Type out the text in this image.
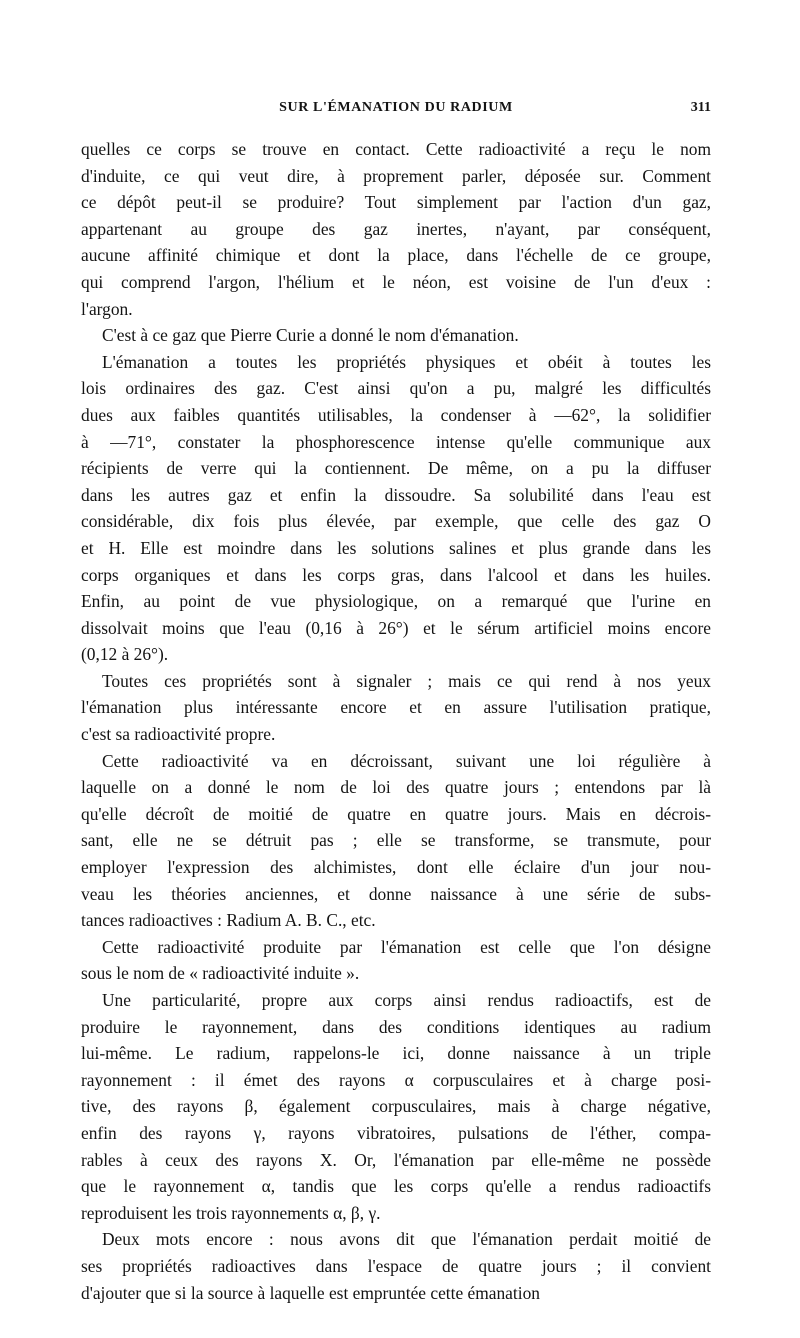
SUR L'ÉMANATION DU RADIUM	311
quelles ce corps se trouve en contact. Cette radioactivité a reçu le nom
d'induite, ce qui veut dire, à proprement parler, déposée sur. Comment
ce dépôt peut-il se produire? Tout simplement par l'action d'un gaz,
appartenant au groupe des gaz inertes, n'ayant, par conséquent,
aucune affinité chimique et dont la place, dans l'échelle de ce groupe,
qui comprend l'argon, l'hélium et le néon, est voisine de l'un d'eux :
l'argon.
C'est à ce gaz que Pierre Curie a donné le nom d'émanation.
L'émanation a toutes les propriétés physiques et obéit à toutes les
lois ordinaires des gaz. C'est ainsi qu'on a pu, malgré les difficultés
dues aux faibles quantités utilisables, la condenser à —62°, la solidifier
à —71°, constater la phosphorescence intense qu'elle communique aux
récipients de verre qui la contiennent. De même, on a pu la diffuser
dans les autres gaz et enfin la dissoudre. Sa solubilité dans l'eau est
considérable, dix fois plus élevée, par exemple, que celle des gaz O
et H. Elle est moindre dans les solutions salines et plus grande dans les
corps organiques et dans les corps gras, dans l'alcool et dans les huiles.
Enfin, au point de vue physiologique, on a remarqué que l'urine en
dissolvait moins que l'eau (0,16 à 26°) et le sérum artificiel moins encore
(0,12 à 26°).
Toutes ces propriétés sont à signaler ; mais ce qui rend à nos yeux
l'émanation plus intéressante encore et en assure l'utilisation pratique,
c'est sa radioactivité propre.
Cette radioactivité va en décroissant, suivant une loi régulière à
laquelle on a donné le nom de loi des quatre jours ; entendons par là
qu'elle décroît de moitié de quatre en quatre jours. Mais en décrois-
sant, elle ne se détruit pas ; elle se transforme, se transmute, pour
employer l'expression des alchimistes, dont elle éclaire d'un jour nou-
veau les théories anciennes, et donne naissance à une série de subs-
tances radioactives : Radium A. B. C., etc.
Cette radioactivité produite par l'émanation est celle que l'on désigne
sous le nom de « radioactivité induite ».
Une particularité, propre aux corps ainsi rendus radioactifs, est de
produire le rayonnement, dans des conditions identiques au radium
lui-même. Le radium, rappelons-le ici, donne naissance à un triple
rayonnement : il émet des rayons α corpusculaires et à charge posi-
tive, des rayons β, également corpusculaires, mais à charge négative,
enfin des rayons γ, rayons vibratoires, pulsations de l'éther, compa-
rables à ceux des rayons X. Or, l'émanation par elle-même ne possède
que le rayonnement α, tandis que les corps qu'elle a rendus radioactifs
reproduisent les trois rayonnements α, β, γ.
Deux mots encore : nous avons dit que l'émanation perdait moitié de
ses propriétés radioactives dans l'espace de quatre jours ; il convient
d'ajouter que si la source à laquelle est empruntée cette émanation
